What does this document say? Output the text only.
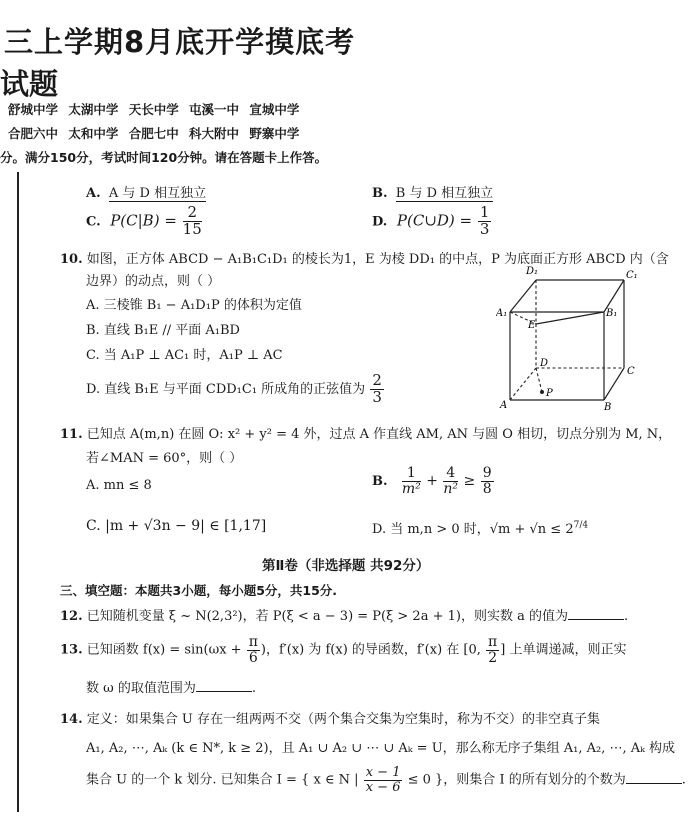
三上学期8月底开学摸底考
试题
舒城中学 太湖中学 天长中学 屯溪一中 宣城中学
合肥六中 太和中学 合肥七中 科大附中 野寨中学
分。满分150分，考试时间120分钟。请在答题卡上作答。
A. A 与 D 相互独立	B. B 与 D 相互独立
C. $P(C|B) = \frac{2}{15}$	D. P(C∪D) = $\frac{1}{3}$
10. 如图，正方体 ABCD − A₁B₁C₁D₁ 的棱长为1，E 为棱 DD₁ 的中点，P 为底面正方形 ABCD 内（含
边界）的动点，则（ ）
A. 三棱锥 B₁ − A₁D₁P 的体积为定值
B. 直线 B₁E // 平面 A₁BD
C. 当 A₁P ⊥ AC₁ 时，A₁P ⊥ AC
D. 直线 B₁E 与平面 CDD₁C₁ 所成角的正弦值为 $\frac{2}{3}$
D₁	C₁
A₁	B₁
E
D
C
A	B
P
11. 已知点 A(m,n) 在圆 O: x² + y² = 4 外，过点 A 作直线 AM, AN 与圆 O 相切，切点分别为 M, N，
若∠MAN = 60°，则（ ）
A. mn ≤ 8	B. $\frac{1}{\text{m²}} + \frac{4}{\text{n²}} \ge \frac{9}{8}$
C. |m + √3n − 9| ∈ [1,17]	D. 当 m,n > 0 时，$√m + √n \le 2^{7/4}$
第Ⅱ卷（非选择题 共92分）
三、填空题：本题共3小题，每小题5分，共15分.
12. 已知随机变量 ξ ~ N(2,3²)，若 P(ξ < a − 3) = P(ξ > 2a + 1)，则实数 a 的值为	.
13. 已知函数 $f(x) = \sin(\omega x + \frac{\pi}{6}$ )，f′(x) 为 f(x) 的导函数，f′(x) 在 [0, $\frac{\pi}{2}$ ] 上单调递减，则正实
数 ω 的取值范围为	.
14. 定义：如果集合 U 存在一组两两不交（两个集合交集为空集时，称为不交）的非空真子集
A₁, A₂, ⋯, Aₖ (k ∈ N*, k ≥ 2)，且 A₁ ∪ A₂ ∪ ⋯ ∪ Aₖ = U，那么称无序子集组 A₁, A₂, ⋯, Aₖ 构成
集合 U 的一个 k 划分. 已知集合 I = { x ∈ N | $\frac{x - 1}{x - 6} \le 0$ }，则集合 I 的所有划分的个数为	.
